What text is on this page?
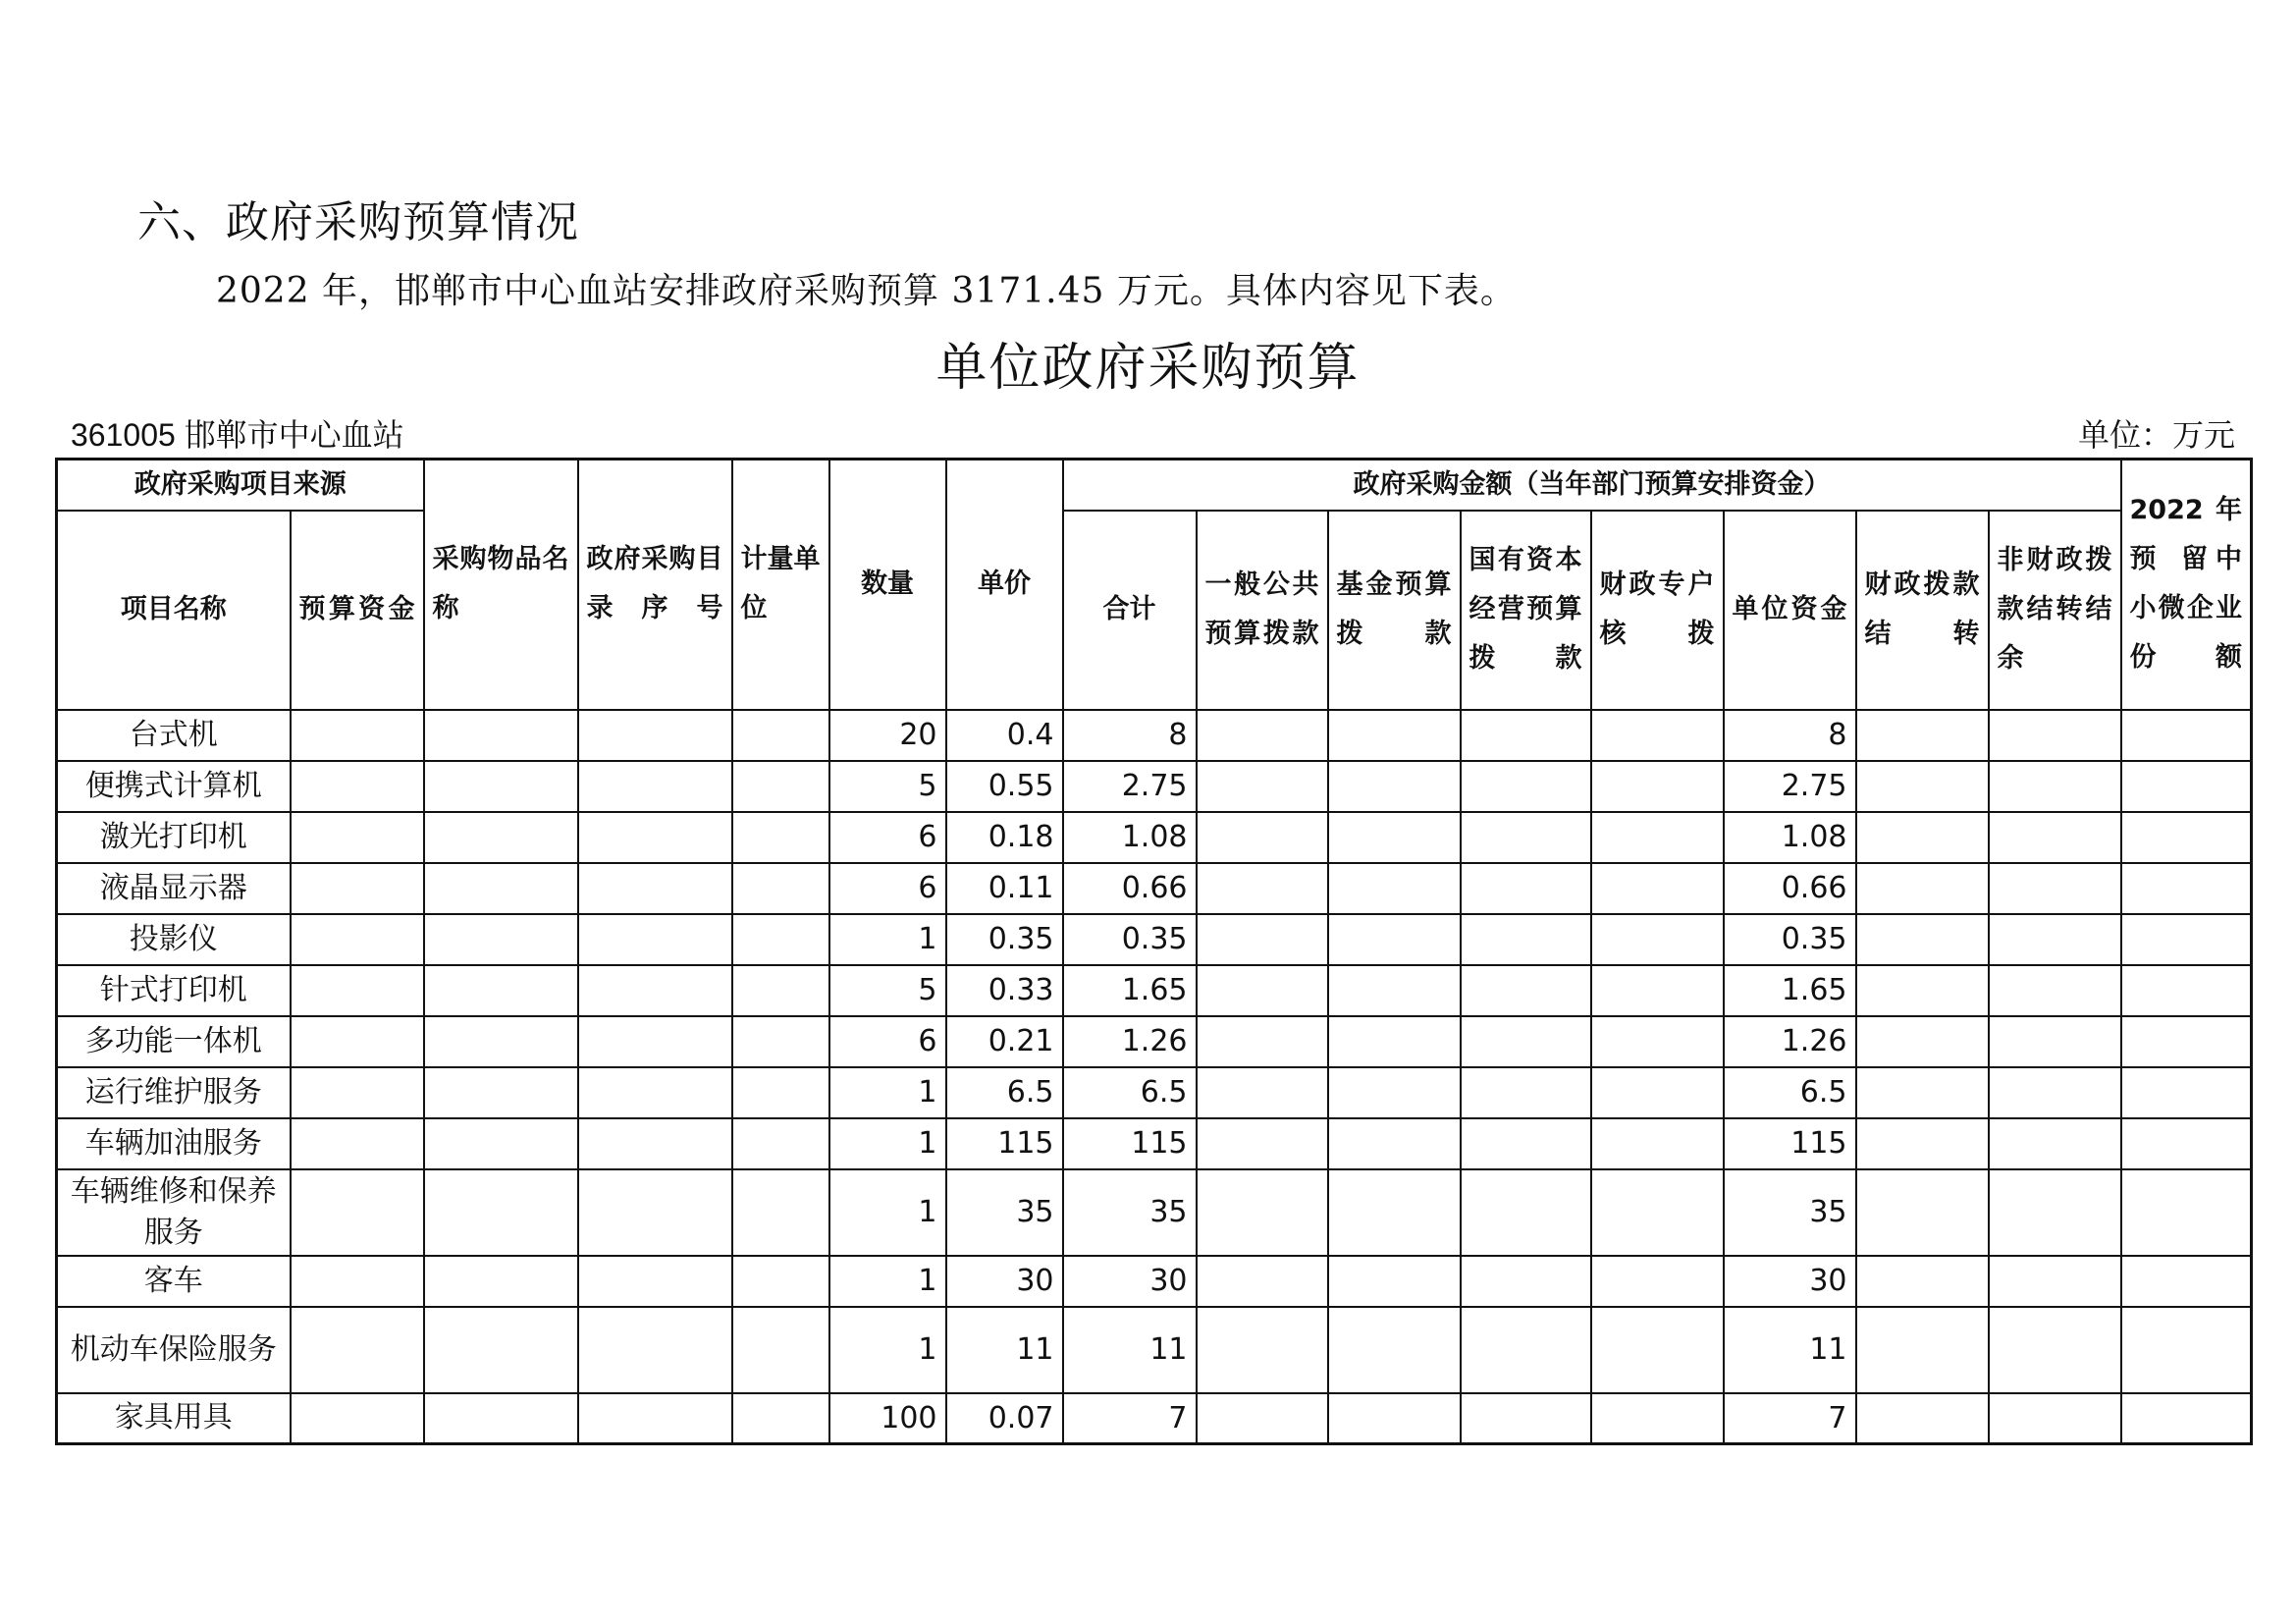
六、政府采购预算情况
2022 年，邯郸市中心血站安排政府采购预算 3171.45 万元。具体内容见下表。
单位政府采购预算
361005 邯郸市中心血站	单位：万元
政府采购项目来源		采购物品名称	政府采购目录序号	计量单位	数量	单价	政府采购金额（当年部门预算安排资金）								2022 年 预 留中小微企业份额

项目名称	预算资金						合计	一般公共预算拨款	基金预算拨款	国有资本经营预算拨款	财政专户核拨	单位资金	财政拨款结转	非财政拨款结转结余	

台式机					20	0.4	8					8			
便携式计算机					5	0.55	2.75					2.75			
激光打印机					6	0.18	1.08					1.08			
液晶显示器					6	0.11	0.66					0.66			
投影仪					1	0.35	0.35					0.35			
针式打印机					5	0.33	1.65					1.65			
多功能一体机					6	0.21	1.26					1.26			
运行维护服务					1	6.5	6.5					6.5			
车辆加油服务					1	115	115					115			
车辆维修和保养服务					1	35	35					35			
客车					1	30	30					30			
机动车保险服务					1	11	11					11			
家具用具					100	0.07	7					7			
